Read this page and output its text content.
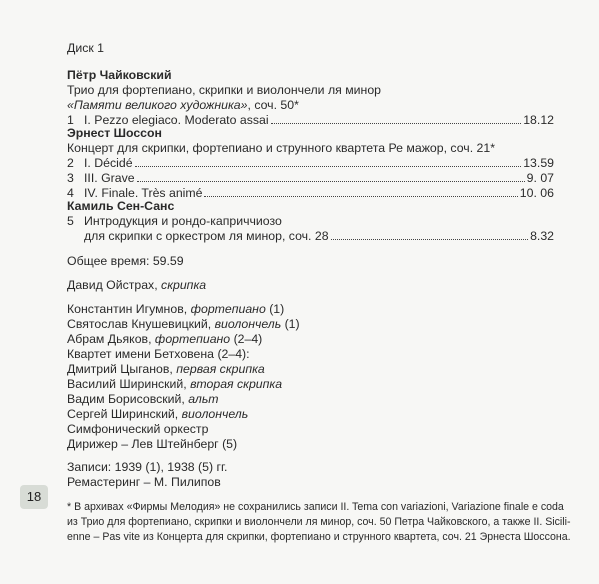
Диск 1
Пётр Чайковский
Трио для фортепиано, скрипки и виолончели ля минор
«Памяти великого художника», соч. 50*
1 I. Pezzo elegiaco. Moderato assai	18.12
Эрнест Шоссон
Концерт для скрипки, фортепиано и струнного квартета Ре мажор, соч. 21*
2 I. Décidé	13.59
3 III. Grave	9. 07
4 IV. Finale. Très animé	10. 06
Камиль Сен-Санс
5 Интродукция и рондо-каприччиозо
для скрипки с оркестром ля минор, соч. 28	8.32
Общее время: 59.59
Давид Ойстрах, скрипка
Константин Игумнов, фортепиано (1)
Святослав Кнушевицкий, виолончель (1)
Абрам Дьяков, фортепиано (2–4)
Квартет имени Бетховена (2–4):
Дмитрий Цыганов, первая скрипка
Василий Ширинский, вторая скрипка
Вадим Борисовский, альт
Сергей Ширинский, виолончель
Симфонический оркестр
Дирижер – Лев Штейнберг (5)
Записи: 1939 (1), 1938 (5) гг.
Ремастеринг – М. Пилипов
18
* В архивах «Фирмы Мелодия» не сохранились записи II. Tema con variazioni, Variazione finale e coda
из Трио для фортепиано, скрипки и виолончели ля минор, соч. 50 Петра Чайковского, а также II. Sicili-
enne – Pas vite из Концерта для скрипки, фортепиано и струнного квартета, соч. 21 Эрнеста Шоссона.
